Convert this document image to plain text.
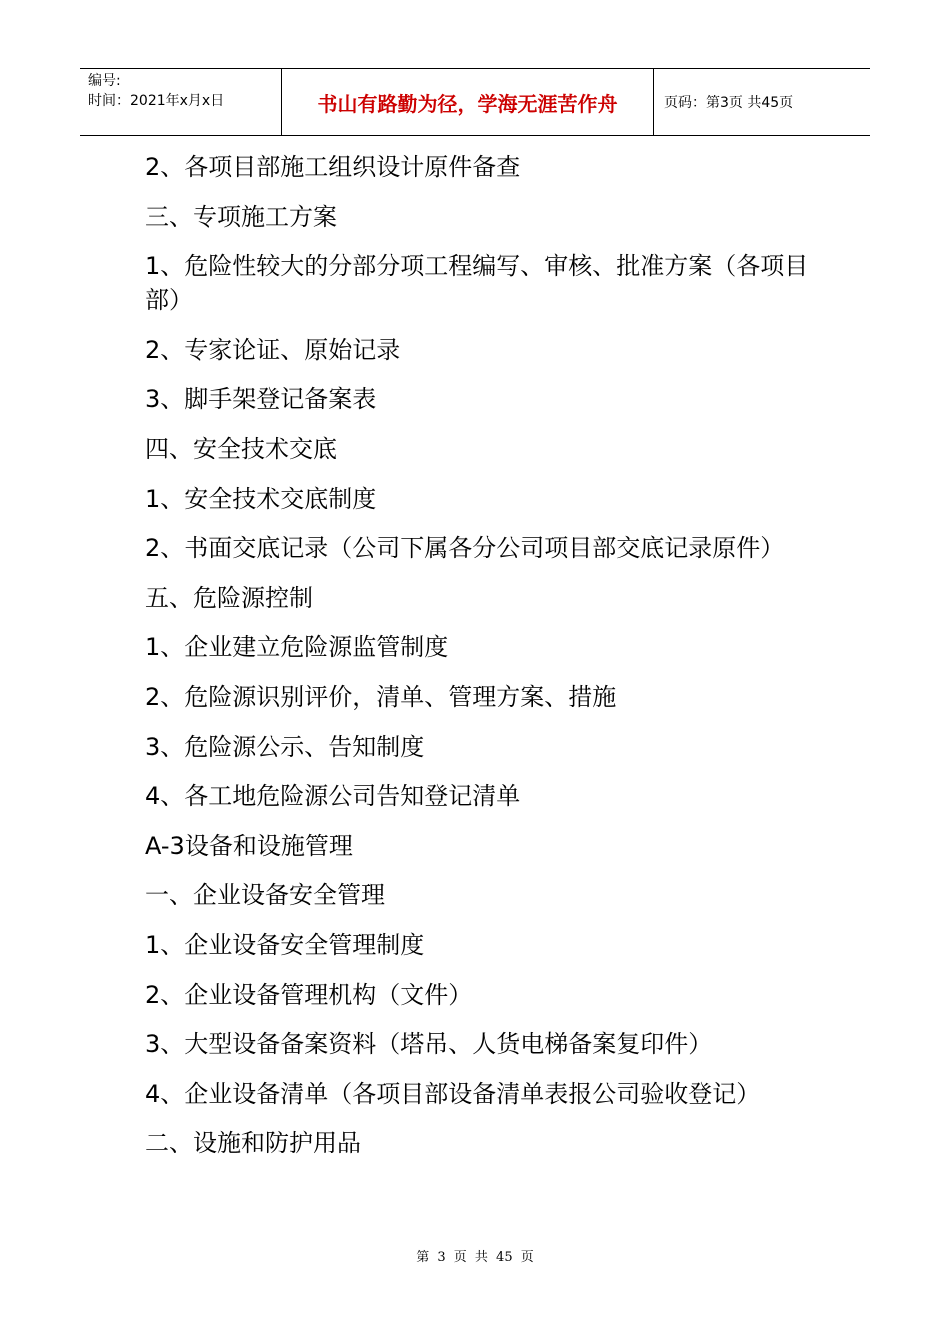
编号:
时间：2021年x月x日	书山有路勤为径，学海无涯苦作舟	页码：第3页 共45页
2、各项目部施工组织设计原件备查
三、专项施工方案
1、危险性较大的分部分项工程编写、审核、批准方案（各项目部）
2、专家论证、原始记录
3、脚手架登记备案表
四、安全技术交底
1、安全技术交底制度
2、书面交底记录（公司下属各分公司项目部交底记录原件）
五、危险源控制
1、企业建立危险源监管制度
2、危险源识别评价，清单、管理方案、措施
3、危险源公示、告知制度
4、各工地危险源公司告知登记清单
A-3设备和设施管理
一、企业设备安全管理
1、企业设备安全管理制度
2、企业设备管理机构（文件）
3、大型设备备案资料（塔吊、人货电梯备案复印件）
4、企业设备清单（各项目部设备清单表报公司验收登记）
二、设施和防护用品
第 3 页 共 45 页
